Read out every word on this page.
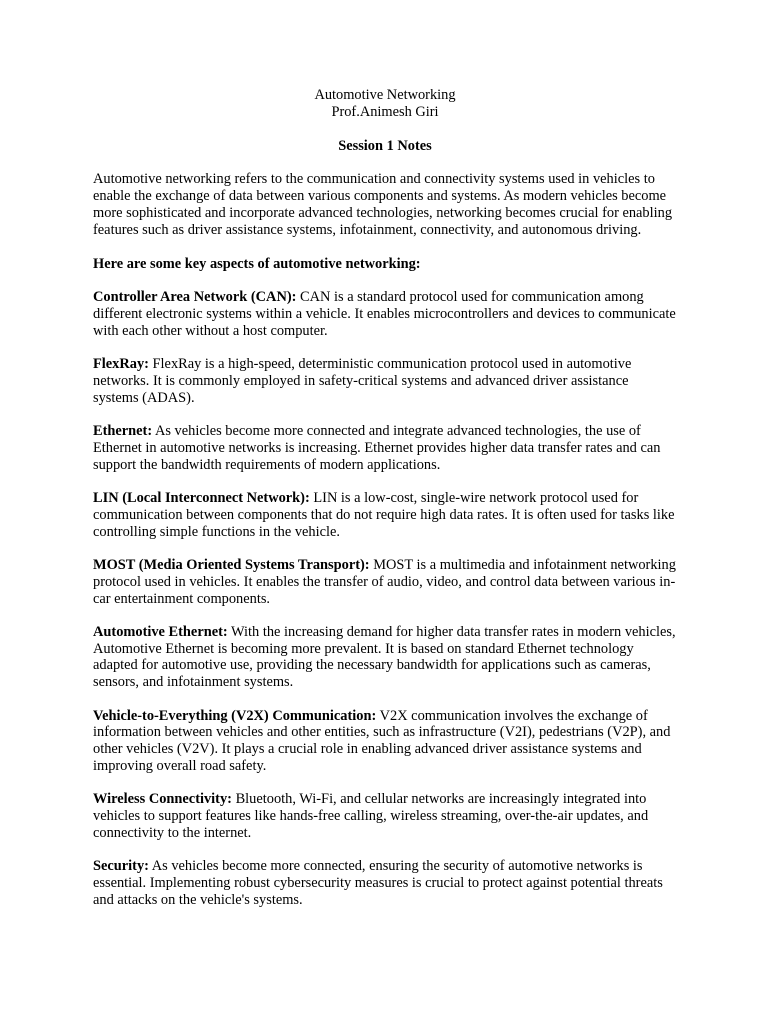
Automotive Networking
Prof.Animesh Giri
Session 1 Notes

Automotive networking refers to the communication and connectivity systems used in vehicles to enable the exchange of data between various components and systems. As modern vehicles become more sophisticated and incorporate advanced technologies, networking becomes crucial for enabling features such as driver assistance systems, infotainment, connectivity, and autonomous driving.

Here are some key aspects of automotive networking:

Controller Area Network (CAN): CAN is a standard protocol used for communication among different electronic systems within a vehicle. It enables microcontrollers and devices to communicate with each other without a host computer.

FlexRay: FlexRay is a high-speed, deterministic communication protocol used in automotive networks. It is commonly employed in safety-critical systems and advanced driver assistance systems (ADAS).

Ethernet: As vehicles become more connected and integrate advanced technologies, the use of Ethernet in automotive networks is increasing. Ethernet provides higher data transfer rates and can support the bandwidth requirements of modern applications.

LIN (Local Interconnect Network): LIN is a low-cost, single-wire network protocol used for communication between components that do not require high data rates. It is often used for tasks like controlling simple functions in the vehicle.

MOST (Media Oriented Systems Transport): MOST is a multimedia and infotainment networking protocol used in vehicles. It enables the transfer of audio, video, and control data between various in-car entertainment components.

Automotive Ethernet: With the increasing demand for higher data transfer rates in modern vehicles, Automotive Ethernet is becoming more prevalent. It is based on standard Ethernet technology adapted for automotive use, providing the necessary bandwidth for applications such as cameras, sensors, and infotainment systems.

Vehicle-to-Everything (V2X) Communication: V2X communication involves the exchange of information between vehicles and other entities, such as infrastructure (V2I), pedestrians (V2P), and other vehicles (V2V). It plays a crucial role in enabling advanced driver assistance systems and improving overall road safety.

Wireless Connectivity: Bluetooth, Wi-Fi, and cellular networks are increasingly integrated into vehicles to support features like hands-free calling, wireless streaming, over-the-air updates, and connectivity to the internet.

Security: As vehicles become more connected, ensuring the security of automotive networks is essential. Implementing robust cybersecurity measures is crucial to protect against potential threats and attacks on the vehicle's systems.
